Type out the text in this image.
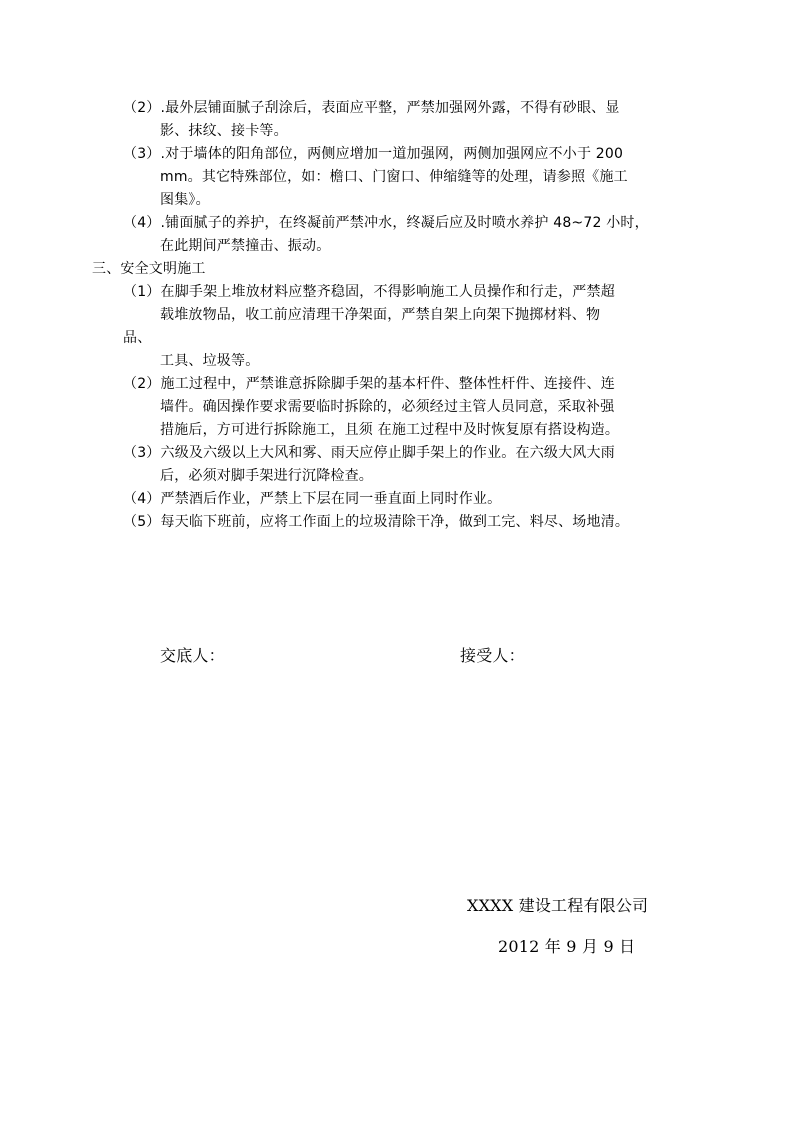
（2）.最外层铺面腻子刮涂后，表面应平整，严禁加强网外露，不得有砂眼、显
影、抹纹、接卡等。
（3）.对于墙体的阳角部位，两侧应增加一道加强网，两侧加强网应不小于 200
mm。其它特殊部位，如：檐口、门窗口、伸缩缝等的处理，请参照《施工
图集》。
（4）.铺面腻子的养护，在终凝前严禁冲水，终凝后应及时喷水养护 48~72 小时，
在此期间严禁撞击、振动。
三、安全文明施工
（1）在脚手架上堆放材料应整齐稳固，不得影响施工人员操作和行走，严禁超
载堆放物品，收工前应清理干净架面，严禁自架上向架下抛掷材料、物
品、
工具、垃圾等。
（2）施工过程中，严禁谁意拆除脚手架的基本杆件、整体性杆件、连接件、连
墙件。确因操作要求需要临时拆除的，必须经过主管人员同意，采取补强
措施后，方可进行拆除施工，且须 在施工过程中及时恢复原有搭设构造。
（3）六级及六级以上大风和雾、雨天应停止脚手架上的作业。在六级大风大雨
后，必须对脚手架进行沉降检查。
（4）严禁酒后作业，严禁上下层在同一垂直面上同时作业。
（5）每天临下班前，应将工作面上的垃圾清除干净，做到工完、料尽、场地清。
交底人：	接受人：
XXXX 建设工程有限公司
2012 年 9 月 9 日
